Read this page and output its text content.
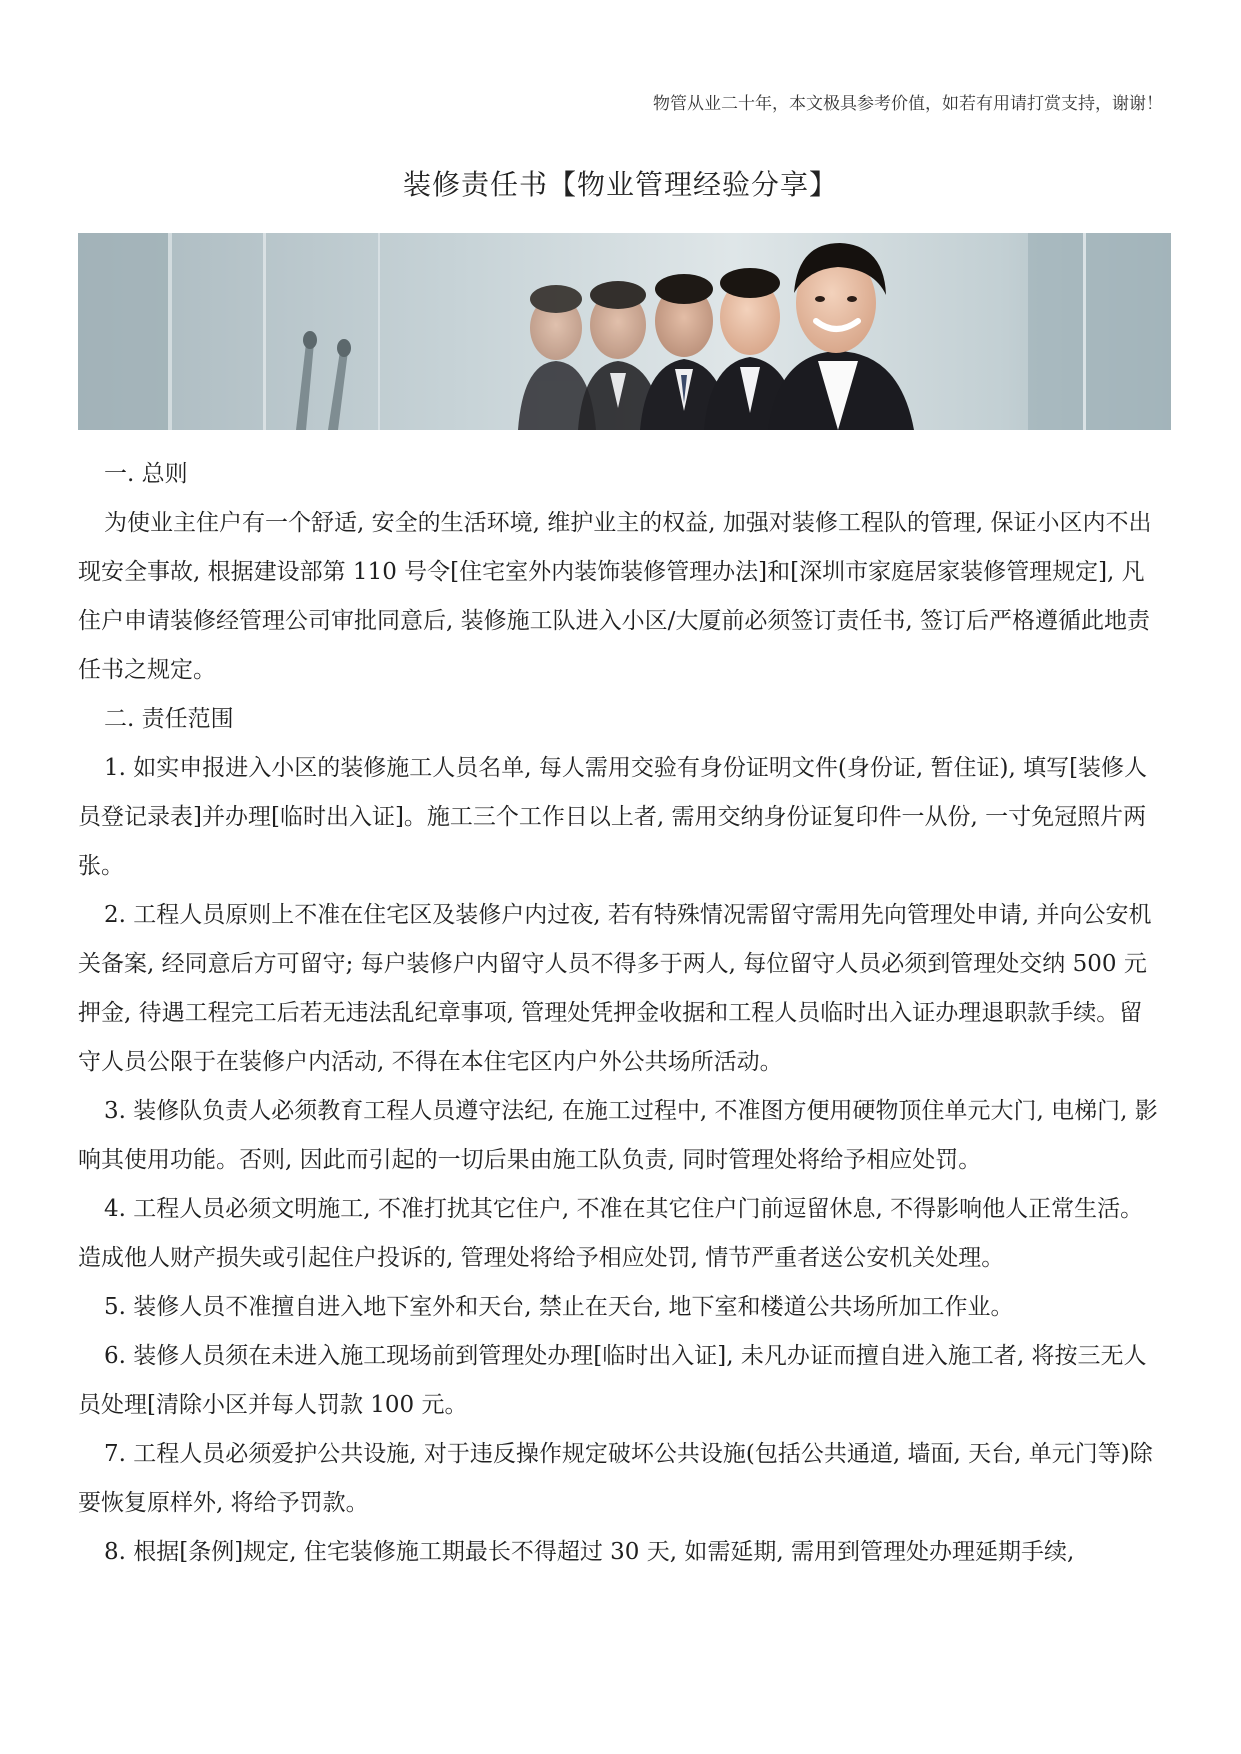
物管从业二十年，本文极具参考价值，如若有用请打赏支持，谢谢！
装修责任书【物业管理经验分享】

一. 总则

为使业主住户有一个舒适, 安全的生活环境, 维护业主的权益, 加强对装修工程队的管理, 保证小区内不出现安全事故, 根据建设部第 110 号令[住宅室外内装饰装修管理办法]和[深圳市家庭居家装修管理规定], 凡住户申请装修经管理公司审批同意后, 装修施工队进入小区/大厦前必须签订责任书, 签订后严格遵循此地责任书之规定。

二. 责任范围

1. 如实申报进入小区的装修施工人员名单, 每人需用交验有身份证明文件(身份证, 暂住证), 填写[装修人员登记录表]并办理[临时出入证]。施工三个工作日以上者, 需用交纳身份证复印件一从份, 一寸免冠照片两张。

2. 工程人员原则上不准在住宅区及装修户内过夜, 若有特殊情况需留守需用先向管理处申请, 并向公安机关备案, 经同意后方可留守; 每户装修户内留守人员不得多于两人, 每位留守人员必须到管理处交纳 500 元押金, 待遇工程完工后若无违法乱纪章事项, 管理处凭押金收据和工程人员临时出入证办理退职款手续。留守人员公限于在装修户内活动, 不得在本住宅区内户外公共场所活动。

3. 装修队负责人必须教育工程人员遵守法纪, 在施工过程中, 不准图方便用硬物顶住单元大门, 电梯门, 影响其使用功能。否则, 因此而引起的一切后果由施工队负责, 同时管理处将给予相应处罚。

4. 工程人员必须文明施工, 不准打扰其它住户, 不准在其它住户门前逗留休息, 不得影响他人正常生活。造成他人财产损失或引起住户投诉的, 管理处将给予相应处罚, 情节严重者送公安机关处理。

5. 装修人员不准擅自进入地下室外和天台, 禁止在天台, 地下室和楼道公共场所加工作业。

6. 装修人员须在未进入施工现场前到管理处办理[临时出入证], 未凡办证而擅自进入施工者, 将按三无人员处理[清除小区并每人罚款 100 元。

7. 工程人员必须爱护公共设施, 对于违反操作规定破坏公共设施(包括公共通道, 墙面, 天台, 单元门等)除要恢复原样外, 将给予罚款。

8. 根据[条例]规定, 住宅装修施工期最长不得超过 30 天, 如需延期, 需用到管理处办理延期手续,
